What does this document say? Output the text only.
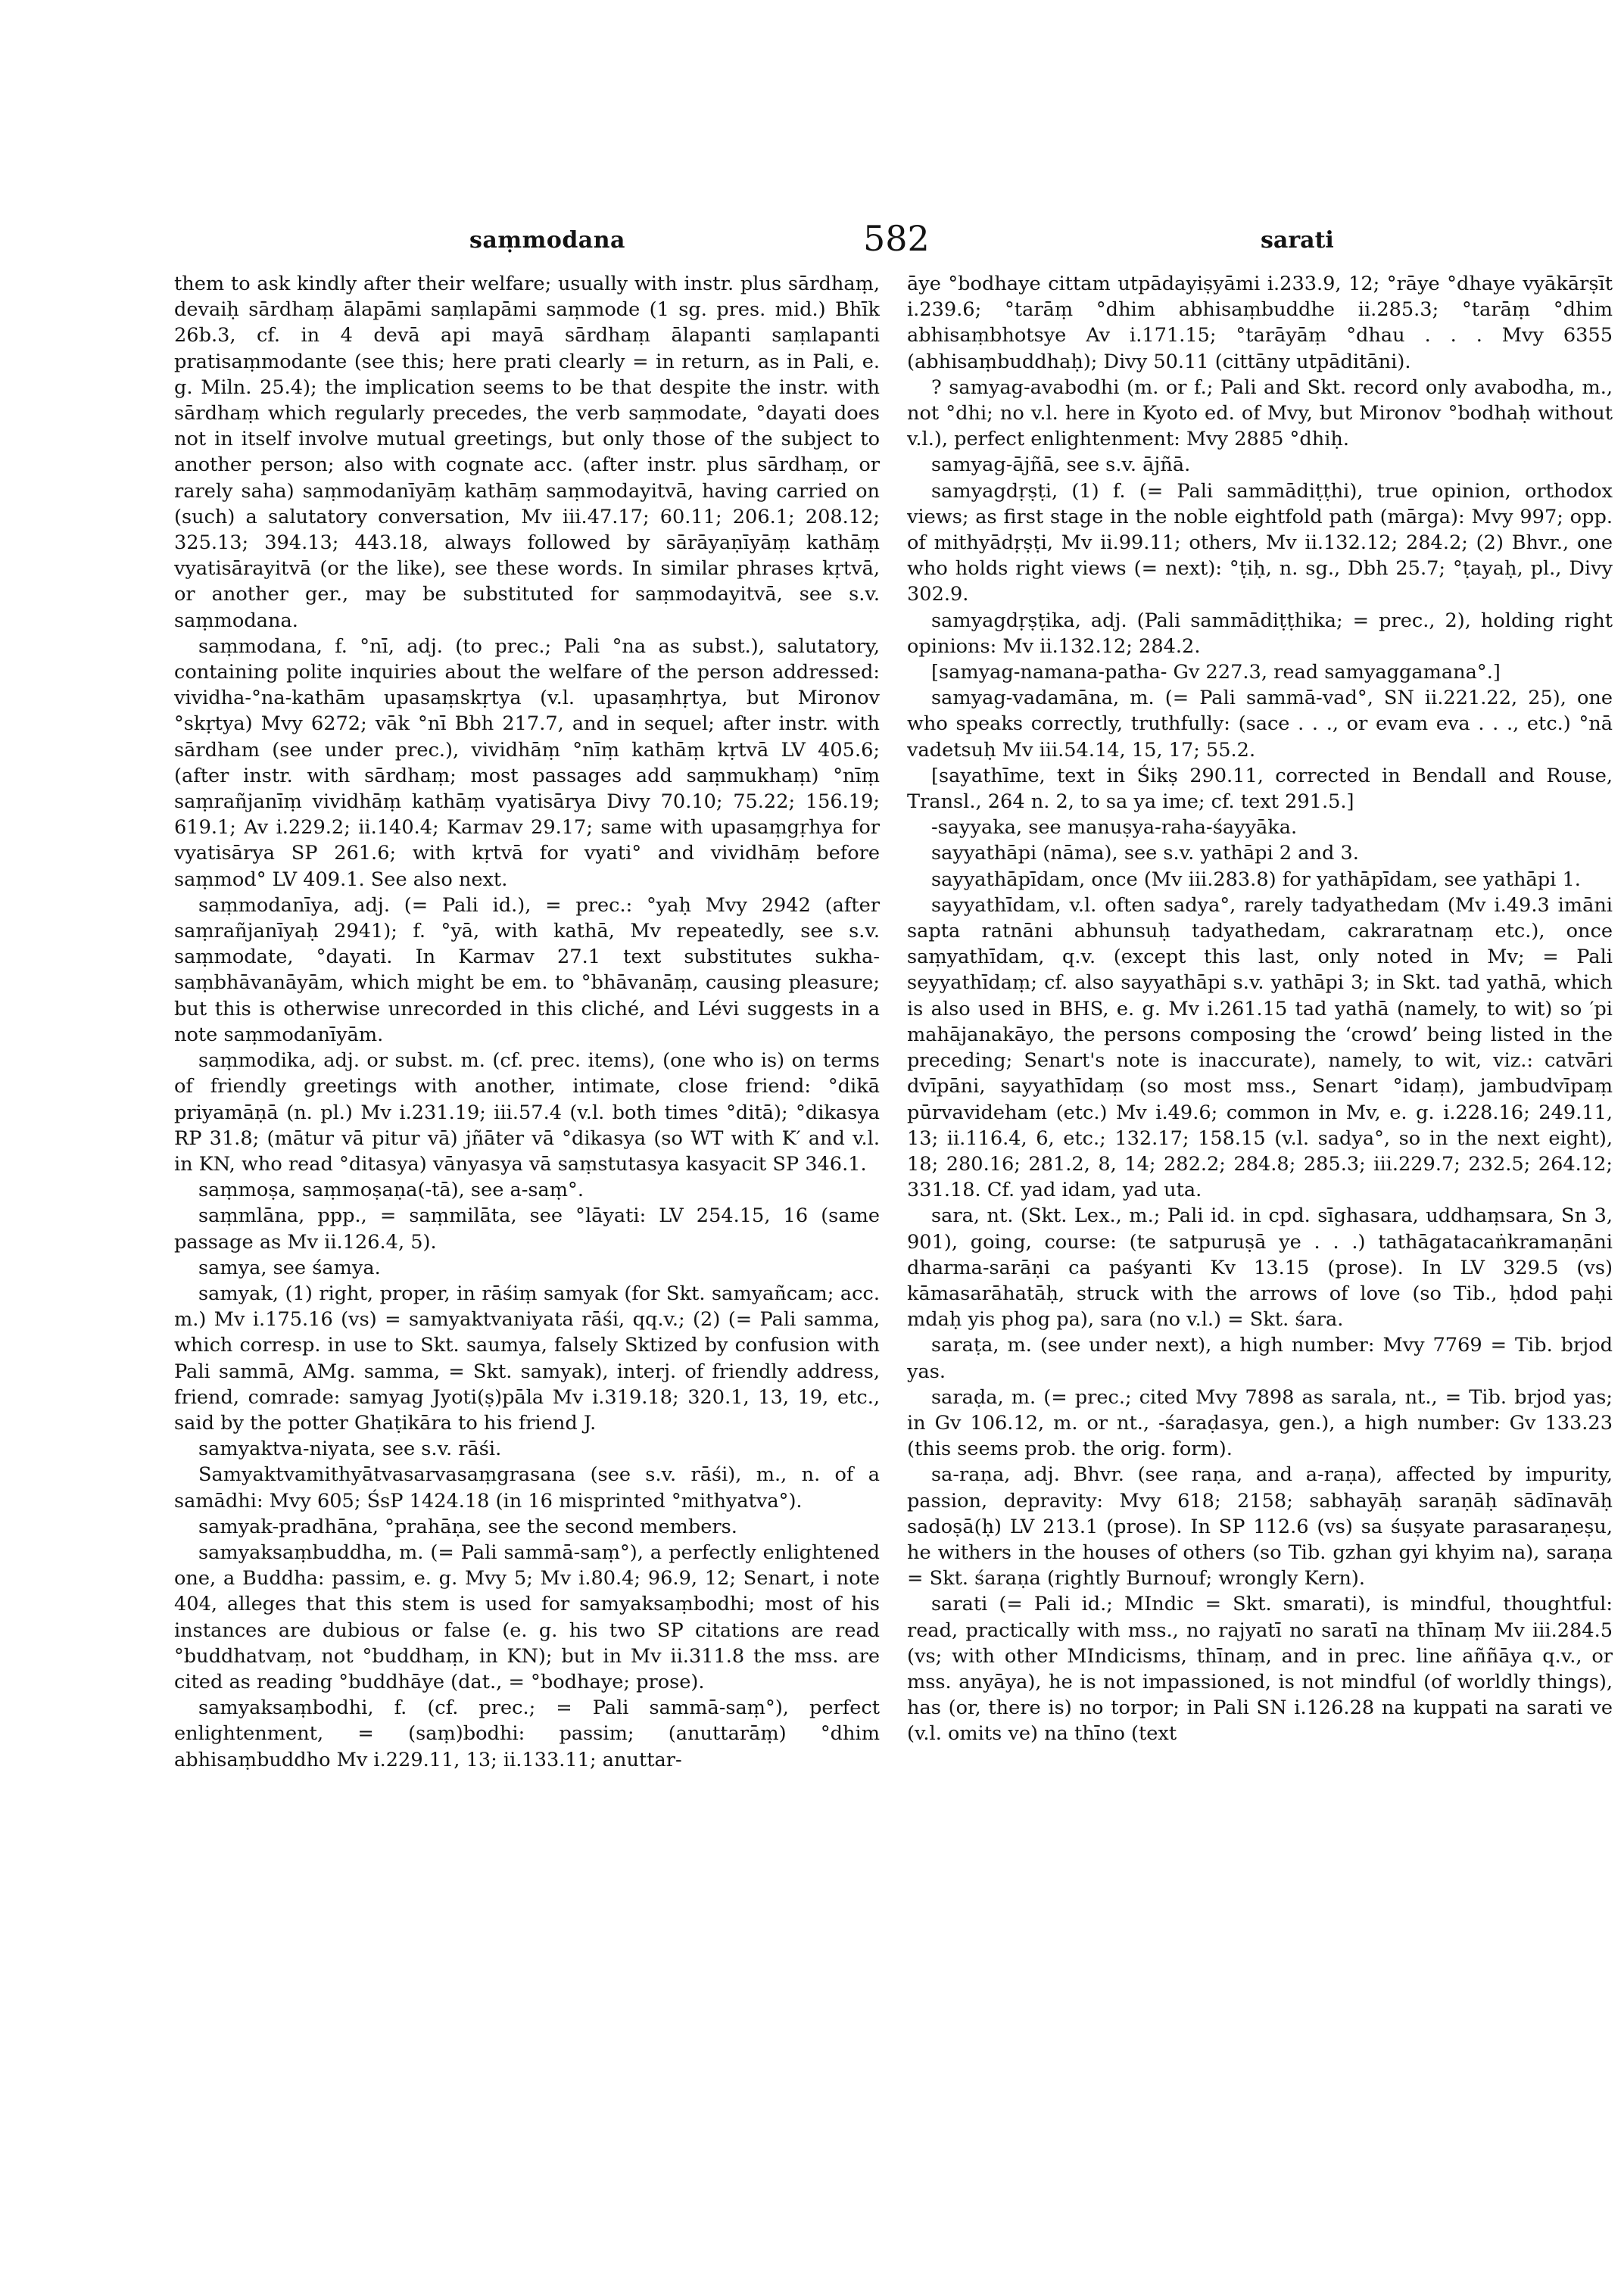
saṃmodana	582	sarati

them to ask kindly after their welfare; usually with instr. plus sārdhaṃ, devaiḥ sārdhaṃ ālapāmi saṃlapāmi saṃmode (1 sg. pres. mid.) Bhīk 26b.3, cf. in 4 devā api mayā sārdhaṃ ālapanti saṃlapanti pratisaṃmodante (see this; here prati clearly = in return, as in Pali, e. g. Miln. 25.4); the implication seems to be that despite the instr. with sārdhaṃ which regularly precedes, the verb saṃmodate, °dayati does not in itself involve mutual greetings, but only those of the subject to another person; also with cognate acc. (after instr. plus sārdhaṃ, or rarely saha) saṃmodanīyāṃ kathāṃ saṃmodayitvā, having carried on (such) a salutatory conversation, Mv iii.47.17; 60.11; 206.1; 208.12; 325.13; 394.13; 443.18, always followed by sārāyaṇīyāṃ kathāṃ vyatisārayitvā (or the like), see these words. In similar phrases kṛtvā, or another ger., may be substituted for saṃmodayitvā, see s.v. saṃmodana.

saṃmodana, f. °nī, adj. (to prec.; Pali °na as subst.), salutatory, containing polite inquiries about the welfare of the person addressed: vividha-°na-kathām upasaṃskṛtya (v.l. upasaṃhṛtya, but Mironov °skṛtya) Mvy 6272; vāk °nī Bbh 217.7, and in sequel; after instr. with sārdham (see under prec.), vividhāṃ °nīṃ kathāṃ kṛtvā LV 405.6; (after instr. with sārdhaṃ; most passages add saṃmukhaṃ) °nīṃ saṃrañjanīṃ vividhāṃ kathāṃ vyatisārya Divy 70.10; 75.22; 156.19; 619.1; Av i.229.2; ii.140.4; Karmav 29.17; same with upasaṃgṛhya for vyatisārya SP 261.6; with kṛtvā for vyati° and vividhāṃ before saṃmod° LV 409.1. See also next.

saṃmodanīya, adj. (= Pali id.), = prec.: °yaḥ Mvy 2942 (after saṃrañjanīyaḥ 2941); f. °yā, with kathā, Mv repeatedly, see s.v. saṃmodate, °dayati. In Karmav 27.1 text substitutes sukha-saṃbhāvanāyām, which might be em. to °bhāvanāṃ, causing pleasure; but this is otherwise unrecorded in this cliché, and Lévi suggests in a note saṃmodanīyām.

saṃmodika, adj. or subst. m. (cf. prec. items), (one who is) on terms of friendly greetings with another, intimate, close friend: °dikā priyamāṇā (n. pl.) Mv i.231.19; iii.57.4 (v.l. both times °ditā); °dikasya RP 31.8; (mātur vā pitur vā) jñāter vā °dikasya (so WT with K′ and v.l. in KN, who read °ditasya) vānyasya vā saṃstutasya kasyacit SP 346.1.

saṃmoṣa, saṃmoṣaṇa(-tā), see a-saṃ°.

saṃmlāna, ppp., = saṃmilāta, see °lāyati: LV 254.15, 16 (same passage as Mv ii.126.4, 5).

samya, see śamya.

samyak, (1) right, proper, in rāśiṃ samyak (for Skt. samyañcam; acc. m.) Mv i.175.16 (vs) = samyaktvaniyata rāśi, qq.v.; (2) (= Pali samma, which corresp. in use to Skt. saumya, falsely Sktized by confusion with Pali sammā, AMg. samma, = Skt. samyak), interj. of friendly address, friend, comrade: samyag Jyoti(ṣ)pāla Mv i.319.18; 320.1, 13, 19, etc., said by the potter Ghaṭikāra to his friend J.

samyaktva-niyata, see s.v. rāśi.

Samyaktvamithyātvasarvasaṃgrasana (see s.v. rāśi), m., n. of a samādhi: Mvy 605; ŚsP 1424.18 (in 16 misprinted °mithyatva°).

samyak-pradhāna, °prahāṇa, see the second members.

samyaksaṃbuddha, m. (= Pali sammā-saṃ°), a perfectly enlightened one, a Buddha: passim, e. g. Mvy 5; Mv i.80.4; 96.9, 12; Senart, i note 404, alleges that this stem is used for samyaksaṃbodhi; most of his instances are dubious or false (e. g. his two SP citations are read °buddhatvaṃ, not °buddhaṃ, in KN); but in Mv ii.311.8 the mss. are cited as reading °buddhāye (dat., = °bodhaye; prose).

samyaksaṃbodhi, f. (cf. prec.; = Pali sammā-saṃ°), perfect enlightenment, = (saṃ)bodhi: passim; (anuttarāṃ) °dhim abhisaṃbuddho Mv i.229.11, 13; ii.133.11; anuttar-

āye °bodhaye cittam utpādayiṣyāmi i.233.9, 12; °rāye °dhaye vyākārṣīt i.239.6; °tarāṃ °dhim abhisaṃbuddhe ii.285.3; °tarāṃ °dhim abhisaṃbhotsye Av i.171.15; °tarāyāṃ °dhau . . . Mvy 6355 (abhisaṃbuddhaḥ); Divy 50.11 (cittāny utpāditāni).

? samyag-avabodhi (m. or f.; Pali and Skt. record only avabodha, m., not °dhi; no v.l. here in Kyoto ed. of Mvy, but Mironov °bodhaḥ without v.l.), perfect enlightenment: Mvy 2885 °dhiḥ.

samyag-ājñā, see s.v. ājñā.

samyagdṛṣṭi, (1) f. (= Pali sammādiṭṭhi), true opinion, orthodox views; as first stage in the noble eightfold path (mārga): Mvy 997; opp. of mithyādṛṣṭi, Mv ii.99.11; others, Mv ii.132.12; 284.2; (2) Bhvr., one who holds right views (= next): °ṭiḥ, n. sg., Dbh 25.7; °ṭayaḥ, pl., Divy 302.9.

samyagdṛṣṭika, adj. (Pali sammādiṭṭhika; = prec., 2), holding right opinions: Mv ii.132.12; 284.2.

[samyag-namana-patha- Gv 227.3, read samyaggamana°.]

samyag-vadamāna, m. (= Pali sammā-vad°, SN ii.221.22, 25), one who speaks correctly, truthfully: (sace . . ., or evam eva . . ., etc.) °nā vadetsuḥ Mv iii.54.14, 15, 17; 55.2.

[sayathīme, text in Śikṣ 290.11, corrected in Bendall and Rouse, Transl., 264 n. 2, to sa ya ime; cf. text 291.5.]

-sayyaka, see manuṣya-raha-śayyāka.

sayyathāpi (nāma), see s.v. yathāpi 2 and 3.

sayyathāpīdam, once (Mv iii.283.8) for yathāpīdam, see yathāpi 1.

sayyathīdam, v.l. often sadya°, rarely tadyathedam (Mv i.49.3 imāni sapta ratnāni abhunsuḥ tadyathedam, cakraratnaṃ etc.), once saṃyathīdam, q.v. (except this last, only noted in Mv; = Pali seyyathīdaṃ; cf. also sayyathāpi s.v. yathāpi 3; in Skt. tad yathā, which is also used in BHS, e. g. Mv i.261.15 tad yathā (namely, to wit) so ′pi mahājanakāyo, the persons composing the ‘crowd’ being listed in the preceding; Senart's note is inaccurate), namely, to wit, viz.: catvāri dvīpāni, sayyathīdaṃ (so most mss., Senart °idaṃ), jambudvīpaṃ pūrvavideham (etc.) Mv i.49.6; common in Mv, e. g. i.228.16; 249.11, 13; ii.116.4, 6, etc.; 132.17; 158.15 (v.l. sadya°, so in the next eight), 18; 280.16; 281.2, 8, 14; 282.2; 284.8; 285.3; iii.229.7; 232.5; 264.12; 331.18. Cf. yad idam, yad uta.

sara, nt. (Skt. Lex., m.; Pali id. in cpd. sīghasara, uddhaṃsara, Sn 3, 901), going, course: (te satpuruṣā ye . . .) tathāgatacaṅkramaṇāni dharma-sarāṇi ca paśyanti Kv 13.15 (prose). In LV 329.5 (vs) kāmasarāhatāḥ, struck with the arrows of love (so Tib., ḥdod paḥi mdaḥ yis phog pa), sara (no v.l.) = Skt. śara.

saraṭa, m. (see under next), a high number: Mvy 7769 = Tib. brjod yas.

saraḍa, m. (= prec.; cited Mvy 7898 as sarala, nt., = Tib. brjod yas; in Gv 106.12, m. or nt., -śaraḍasya, gen.), a high number: Gv 133.23 (this seems prob. the orig. form).

sa-raṇa, adj. Bhvr. (see raṇa, and a-raṇa), affected by impurity, passion, depravity: Mvy 618; 2158; sabhayāḥ saraṇāḥ sādīnavāḥ sadoṣā(ḥ) LV 213.1 (prose). In SP 112.6 (vs) sa śuṣyate parasaraṇeṣu, he withers in the houses of others (so Tib. gzhan gyi khyim na), saraṇa = Skt. śaraṇa (rightly Burnouf; wrongly Kern).

sarati (= Pali id.; MIndic = Skt. smarati), is mindful, thoughtful: read, practically with mss., no rajyatī no saratī na thīnaṃ Mv iii.284.5 (vs; with other MIndicisms, thīnaṃ, and in prec. line aññāya q.v., or mss. anyāya), he is not impassioned, is not mindful (of worldly things), has (or, there is) no torpor; in Pali SN i.126.28 na kuppati na sarati ve (v.l. omits ve) na thīno (text
